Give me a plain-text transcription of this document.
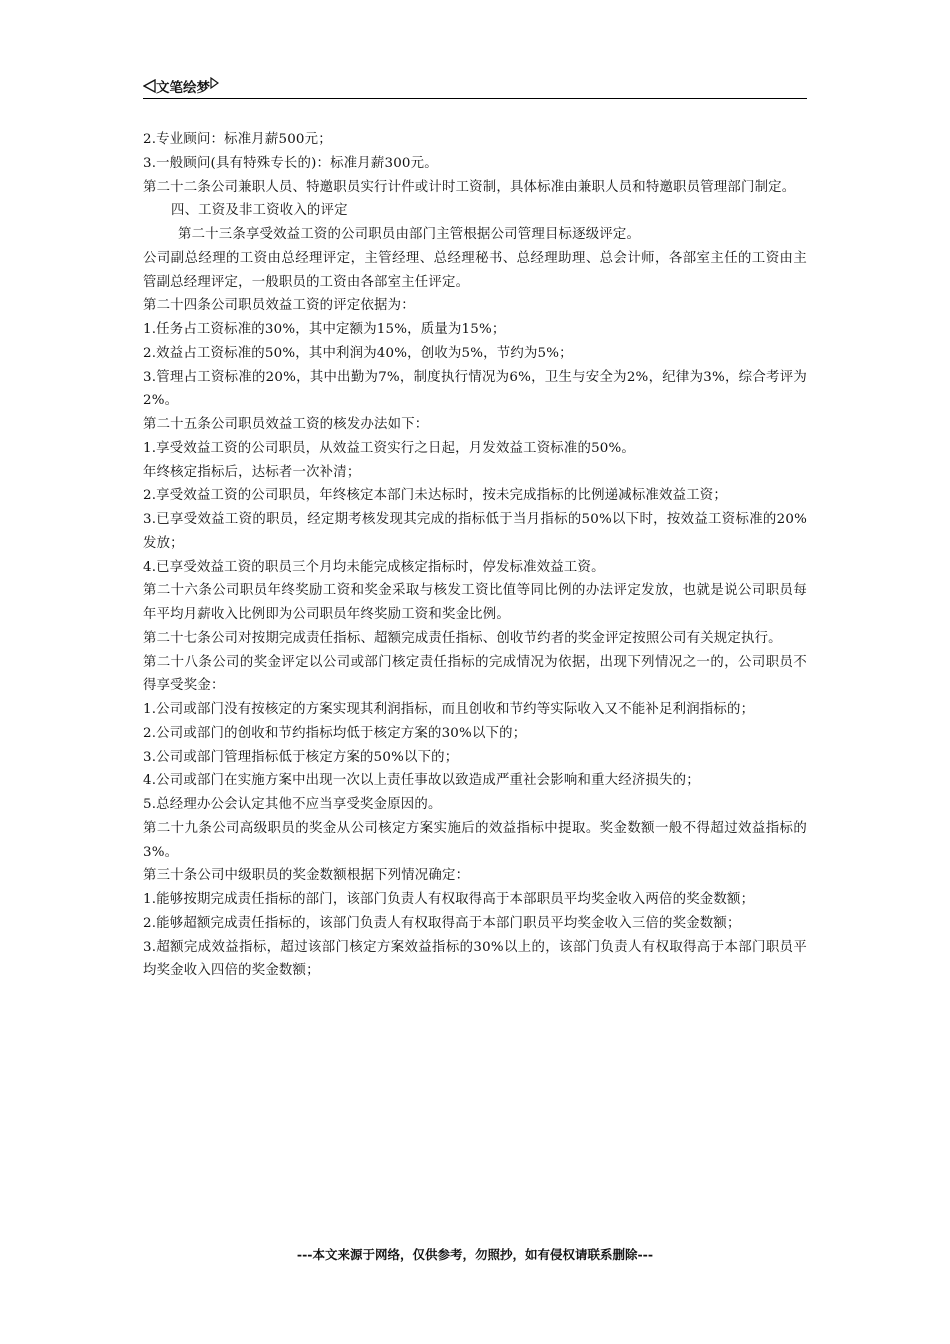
文笔绘梦

2.专业顾问：标准月薪500元；

3.一般顾问(具有特殊专长的)：标准月薪300元。

第二十二条公司兼职人员、特邀职员实行计件或计时工资制，具体标准由兼职人员和特邀职员管理部门制定。

四、工资及非工资收入的评定

第二十三条享受效益工资的公司职员由部门主管根据公司管理目标逐级评定。

公司副总经理的工资由总经理评定，主管经理、总经理秘书、总经理助理、总会计师，各部室主任的工资由主管副总经理评定，一般职员的工资由各部室主任评定。

第二十四条公司职员效益工资的评定依据为：

1.任务占工资标准的30%，其中定额为15%，质量为15%；

2.效益占工资标准的50%，其中利润为40%，创收为5%，节约为5%；

3.管理占工资标准的20%，其中出勤为7%，制度执行情况为6%，卫生与安全为2%，纪律为3%，综合考评为2%。

第二十五条公司职员效益工资的核发办法如下：

1.享受效益工资的公司职员，从效益工资实行之日起，月发效益工资标准的50%。

年终核定指标后，达标者一次补清；

2.享受效益工资的公司职员，年终核定本部门未达标时，按未完成指标的比例递减标准效益工资；

3.已享受效益工资的职员，经定期考核发现其完成的指标低于当月指标的50%以下时，按效益工资标准的20%发放；

4.已享受效益工资的职员三个月均未能完成核定指标时，停发标准效益工资。

第二十六条公司职员年终奖励工资和奖金采取与核发工资比值等同比例的办法评定发放，也就是说公司职员每年平均月薪收入比例即为公司职员年终奖励工资和奖金比例。

第二十七条公司对按期完成责任指标、超额完成责任指标、创收节约者的奖金评定按照公司有关规定执行。

第二十八条公司的奖金评定以公司或部门核定责任指标的完成情况为依据，出现下列情况之一的，公司职员不得享受奖金：

1.公司或部门没有按核定的方案实现其利润指标，而且创收和节约等实际收入又不能补足利润指标的；

2.公司或部门的创收和节约指标均低于核定方案的30%以下的；

3.公司或部门管理指标低于核定方案的50%以下的；

4.公司或部门在实施方案中出现一次以上责任事故以致造成严重社会影响和重大经济损失的；

5.总经理办公会认定其他不应当享受奖金原因的。

第二十九条公司高级职员的奖金从公司核定方案实施后的效益指标中提取。奖金数额一般不得超过效益指标的3%。

第三十条公司中级职员的奖金数额根据下列情况确定：

1.能够按期完成责任指标的部门，该部门负责人有权取得高于本部职员平均奖金收入两倍的奖金数额；

2.能够超额完成责任指标的，该部门负责人有权取得高于本部门职员平均奖金收入三倍的奖金数额；

3.超额完成效益指标，超过该部门核定方案效益指标的30%以上的，该部门负责人有权取得高于本部门职员平均奖金收入四倍的奖金数额；

---本文来源于网络，仅供参考，勿照抄，如有侵权请联系删除---
